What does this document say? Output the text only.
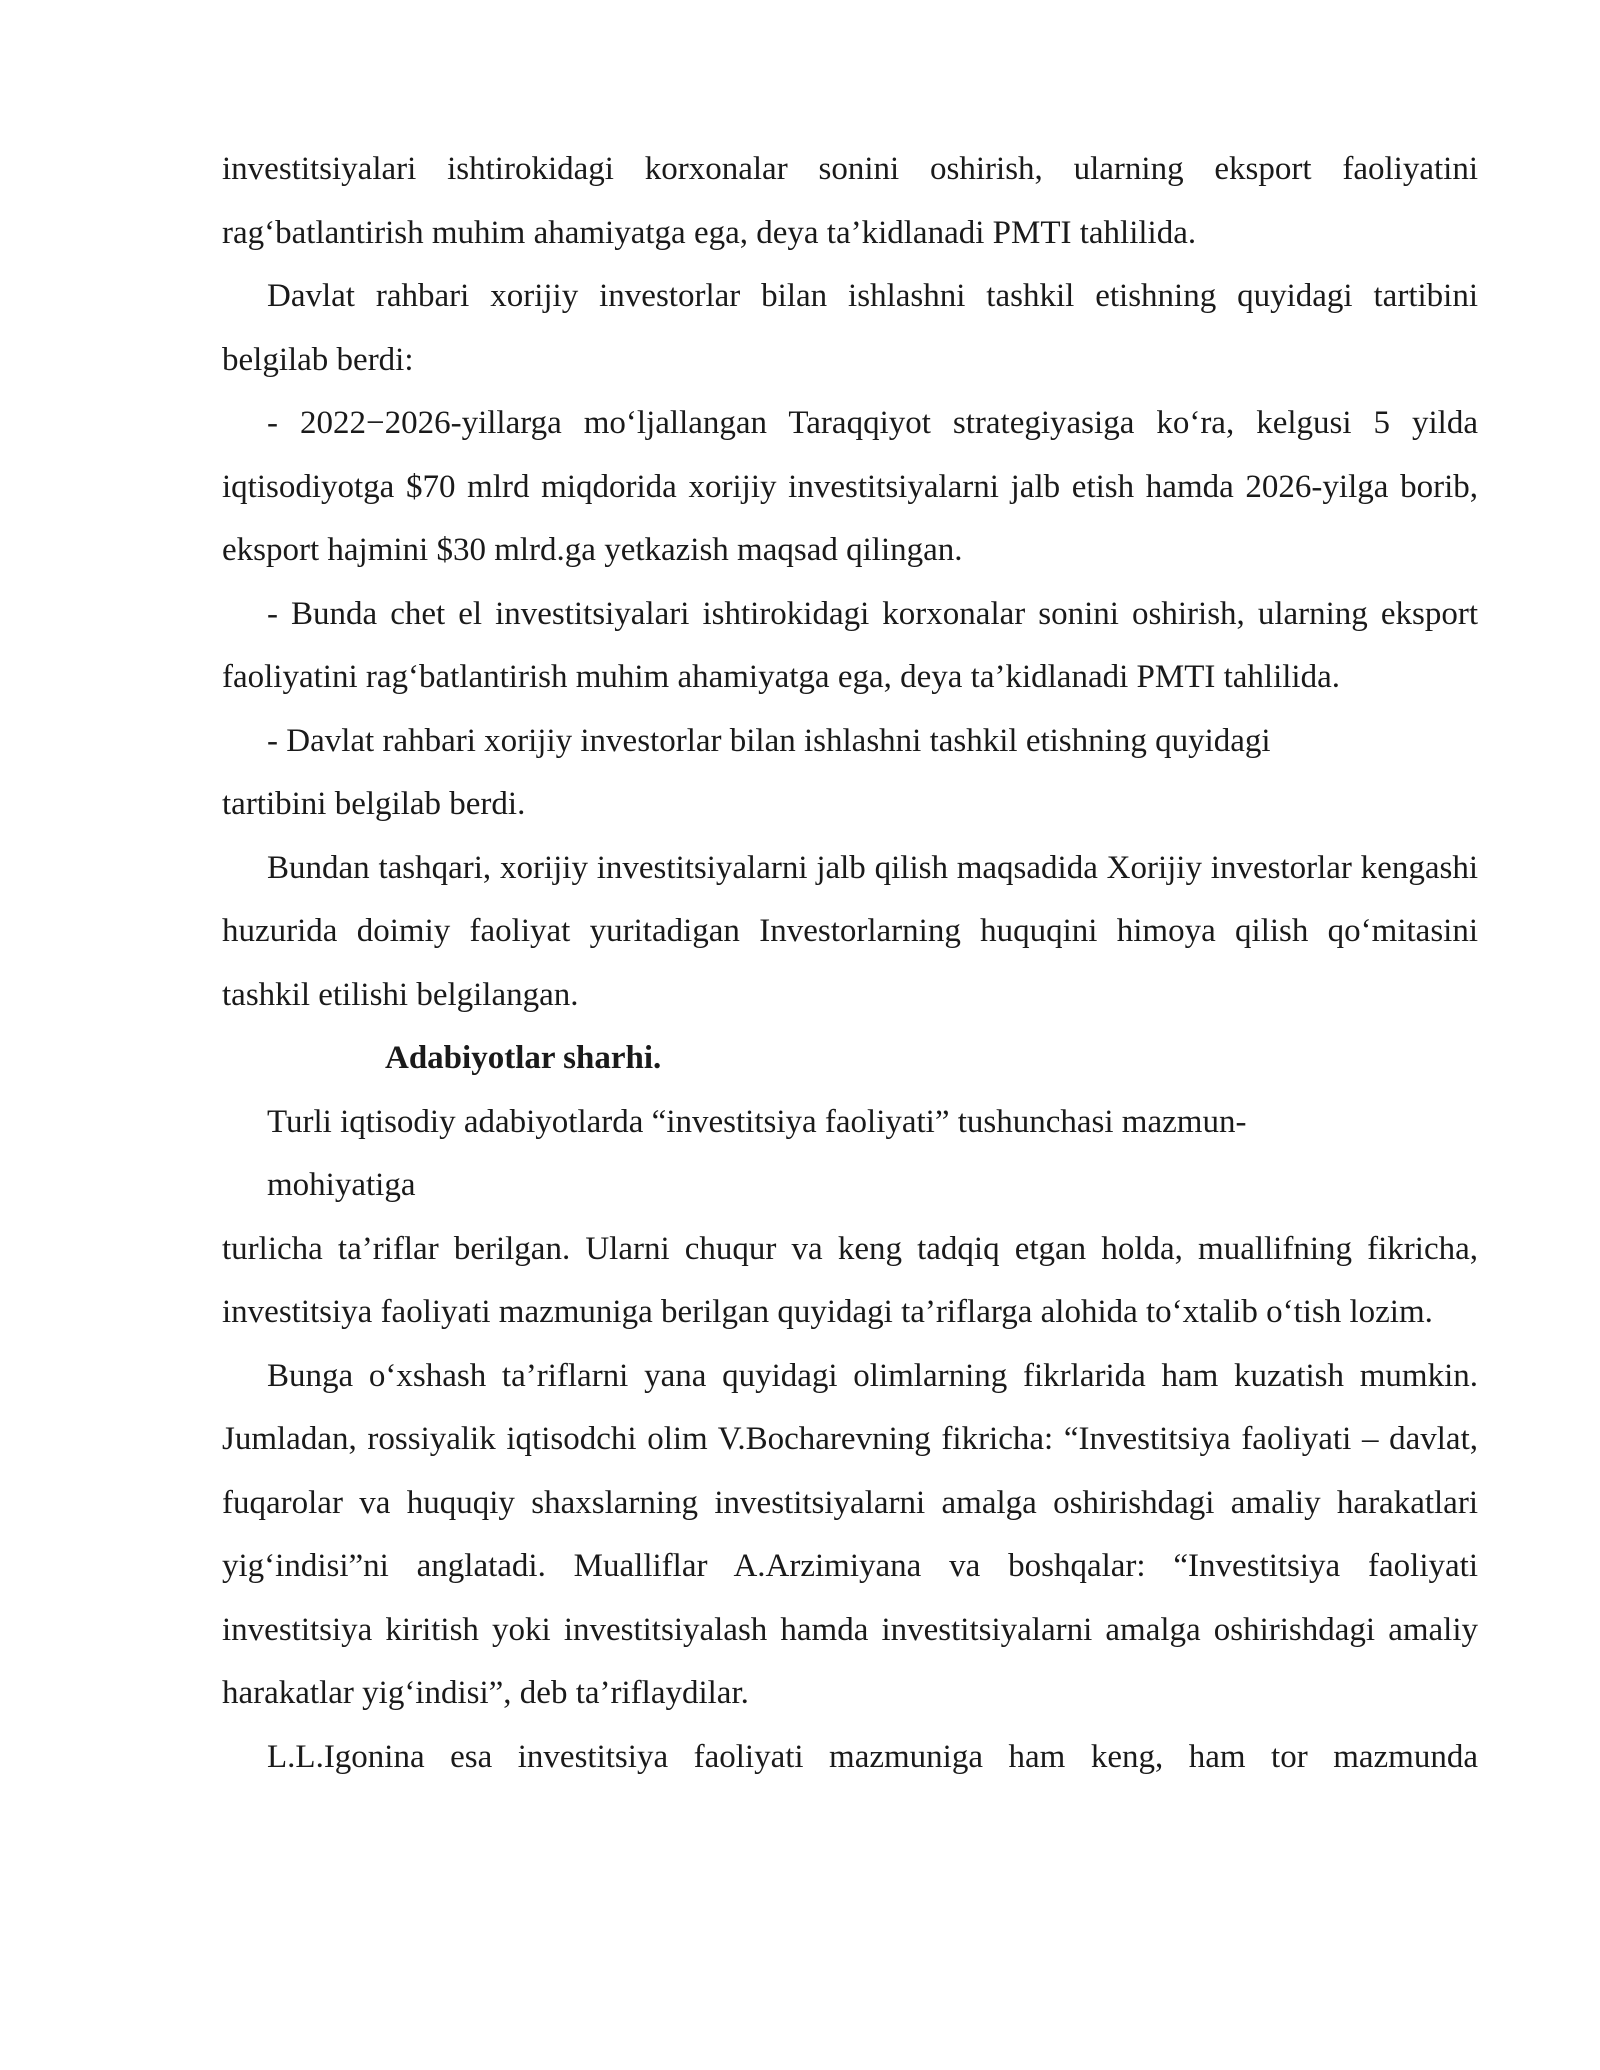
investitsiyalari ishtirokidagi korxonalar sonini oshirish, ularning eksport faoliyatini rag‘batlantirish muhim ahamiyatga ega, deya ta’kidlanadi PMTI tahlilida.

Davlat rahbari xorijiy investorlar bilan ishlashni tashkil etishning quyidagi tartibini belgilab berdi:

- 2022−2026-yillarga mo‘ljallangan Taraqqiyot strategiyasiga ko‘ra, kelgusi 5 yilda iqtisodiyotga $70 mlrd miqdorida xorijiy investitsiyalarni jalb etish hamda 2026-yilga borib, eksport hajmini $30 mlrd.ga yetkazish maqsad qilingan.

- Bunda chet el investitsiyalari ishtirokidagi korxonalar sonini oshirish, ularning eksport faoliyatini rag‘batlantirish muhim ahamiyatga ega, deya ta’kidlanadi PMTI tahlilida.

- Davlat rahbari xorijiy investorlar bilan ishlashni tashkil etishning quyidagi

tartibini belgilab berdi.

Bundan tashqari, xorijiy investitsiyalarni jalb qilish maqsadida Xorijiy investorlar kengashi huzurida doimiy faoliyat yuritadigan Investorlarning huquqini himoya qilish qo‘mitasini tashkil etilishi belgilangan.

Adabiyotlar sharhi.

Turli iqtisodiy adabiyotlarda “investitsiya faoliyati” tushunchasi mazmun-

mohiyatiga

turlicha ta’riflar berilgan. Ularni chuqur va keng tadqiq etgan holda, muallifning fikricha, investitsiya faoliyati mazmuniga berilgan quyidagi ta’riflarga alohida to‘xtalib o‘tish lozim.

Bunga o‘xshash ta’riflarni yana quyidagi olimlarning fikrlarida ham kuzatish mumkin. Jumladan, rossiyalik iqtisodchi olim V.Bocharevning fikricha: “Investitsiya faoliyati – davlat, fuqarolar va huquqiy shaxslarning investitsiyalarni amalga oshirishdagi amaliy harakatlari yig‘indisi”ni anglatadi. Mualliflar A.Arzimiyana va boshqalar: “Investitsiya faoliyati investitsiya kiritish yoki investitsiyalash hamda investitsiyalarni amalga oshirishdagi amaliy harakatlar yig‘indisi”, deb ta’riflaydilar.

L.L.Igonina esa investitsiya faoliyati mazmuniga ham keng, ham tor mazmunda
